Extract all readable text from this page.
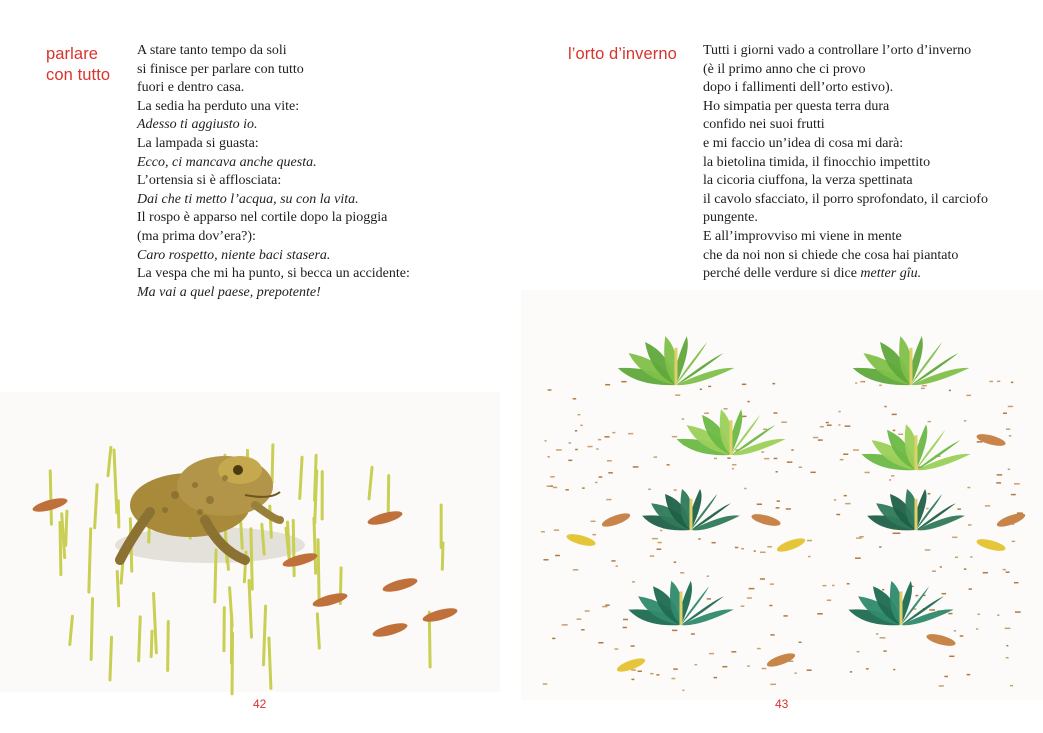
parlare
con tutto
A stare tanto tempo da soli
si finisce per parlare con tutto
fuori e dentro casa.
La sedia ha perduto una vite:
Adesso ti aggiusto io.
La lampada si guasta:
Ecco, ci mancava anche questa.
L’ortensia si è afflosciata:
Dai che ti metto l’acqua, su con la vita.
Il rospo è apparso nel cortile dopo la pioggia
(ma prima dov’era?):
Caro rospetto, niente baci stasera.
La vespa che mi ha punto, si becca un accidente:
Ma vai a quel paese, prepotente!
42
l’orto d’inverno Tutti i giorni vado a controllare l’orto d’inverno
(è il primo anno che ci provo
dopo i fallimenti dell’orto estivo).
Ho simpatia per questa terra dura
confido nei suoi frutti
e mi faccio un’idea di cosa mi darà:
la bietolina timida, il finocchio impettito
la cicoria ciuffona, la verza spettinata
il cavolo sfacciato, il porro sprofondato, il carciofo
pungente.
E all’improvviso mi viene in mente
che da noi non si chiede che cosa hai piantato
perché delle verdure si dice metter gîu.
43
